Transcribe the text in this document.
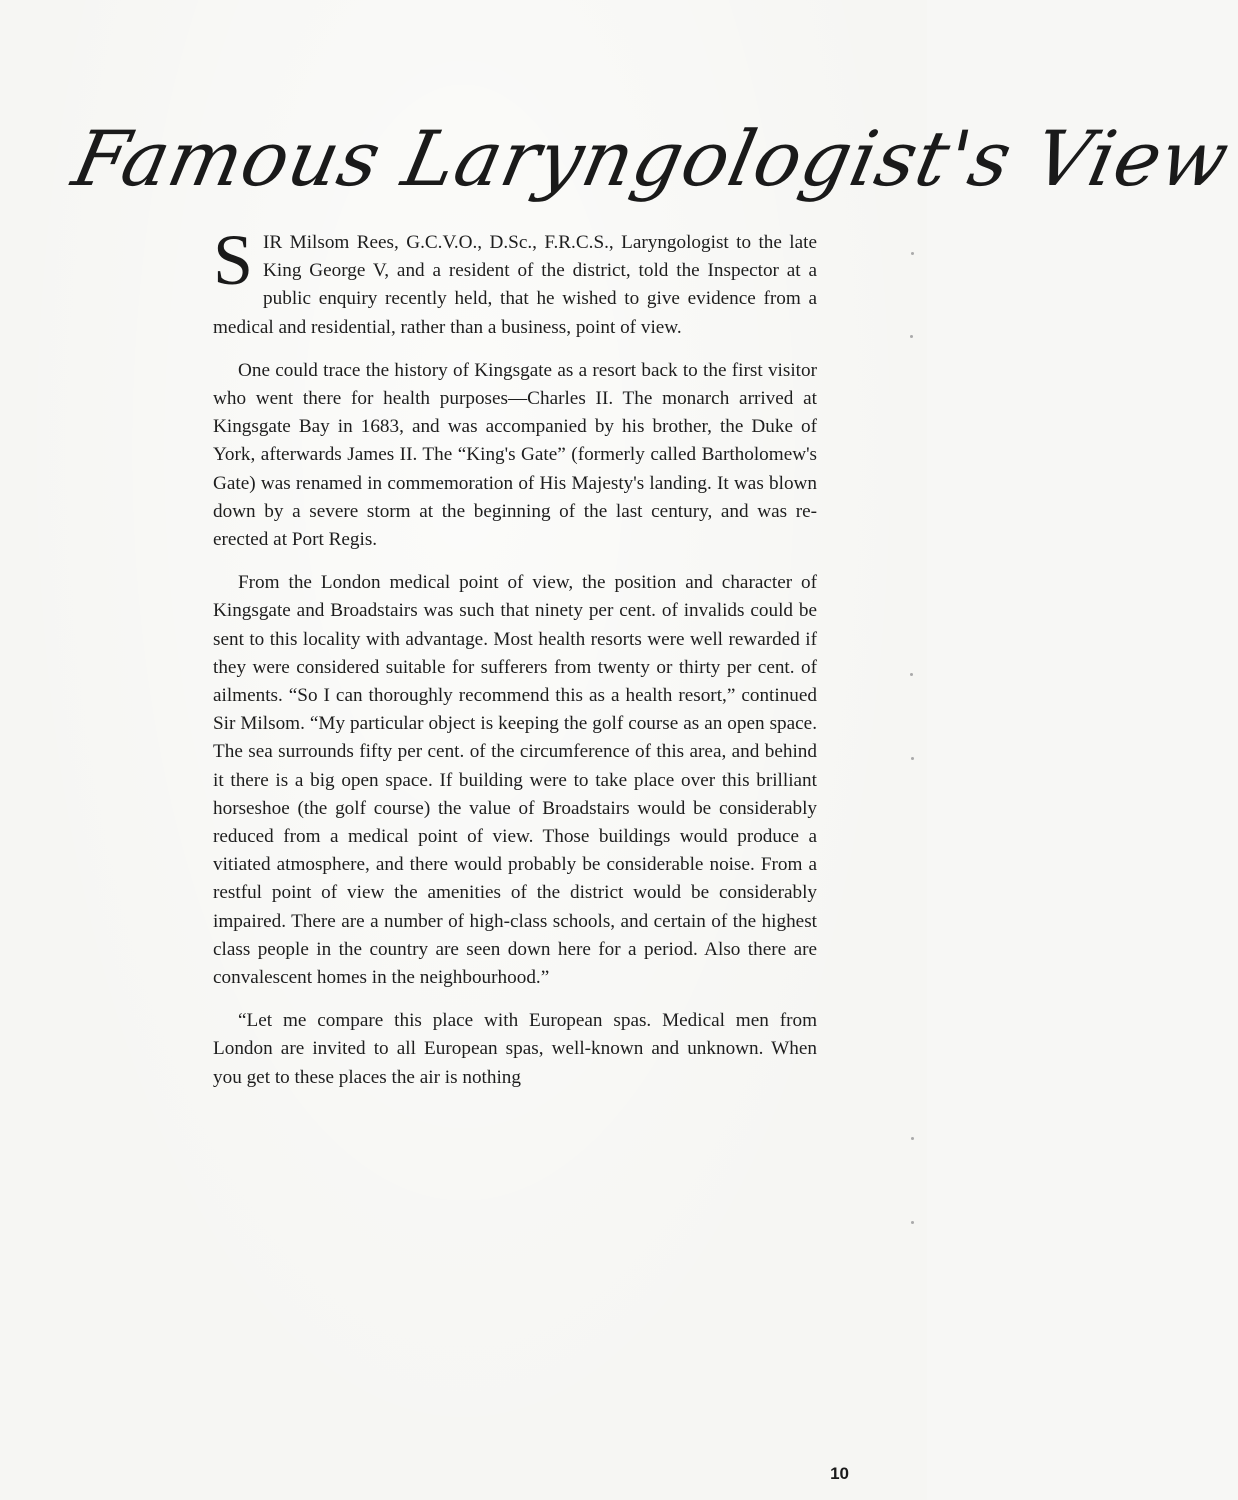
Famous Laryngologist's View

SIR Milsom Rees, G.C.V.O., D.Sc., F.R.C.S., Laryngologist to the late King George V, and a resident of the district, told the Inspector at a public enquiry recently held, that he wished to give evidence from a medical and residential, rather than a business, point of view.

One could trace the history of Kingsgate as a resort back to the first visitor who went there for health purposes—Charles II. The monarch arrived at Kingsgate Bay in 1683, and was accompanied by his brother, the Duke of York, afterwards James II. The “King's Gate” (formerly called Bartholomew's Gate) was renamed in commemoration of His Majesty's landing. It was blown down by a severe storm at the beginning of the last century, and was re-erected at Port Regis.

From the London medical point of view, the position and character of Kingsgate and Broadstairs was such that ninety per cent. of invalids could be sent to this locality with advantage. Most health resorts were well rewarded if they were considered suitable for sufferers from twenty or thirty per cent. of ailments. “So I can thoroughly recommend this as a health resort,” continued Sir Milsom. “My particular object is keeping the golf course as an open space. The sea surrounds fifty per cent. of the circumference of this area, and behind it there is a big open space. If building were to take place over this brilliant horseshoe (the golf course) the value of Broadstairs would be considerably reduced from a medical point of view. Those buildings would produce a vitiated atmosphere, and there would probably be considerable noise. From a restful point of view the amenities of the district would be considerably impaired. There are a number of high-class schools, and certain of the highest class people in the country are seen down here for a period. Also there are convalescent homes in the neighbourhood.”

“Let me compare this place with European spas. Medical men from London are invited to all European spas, well-known and unknown. When you get to these places the air is nothing

10
